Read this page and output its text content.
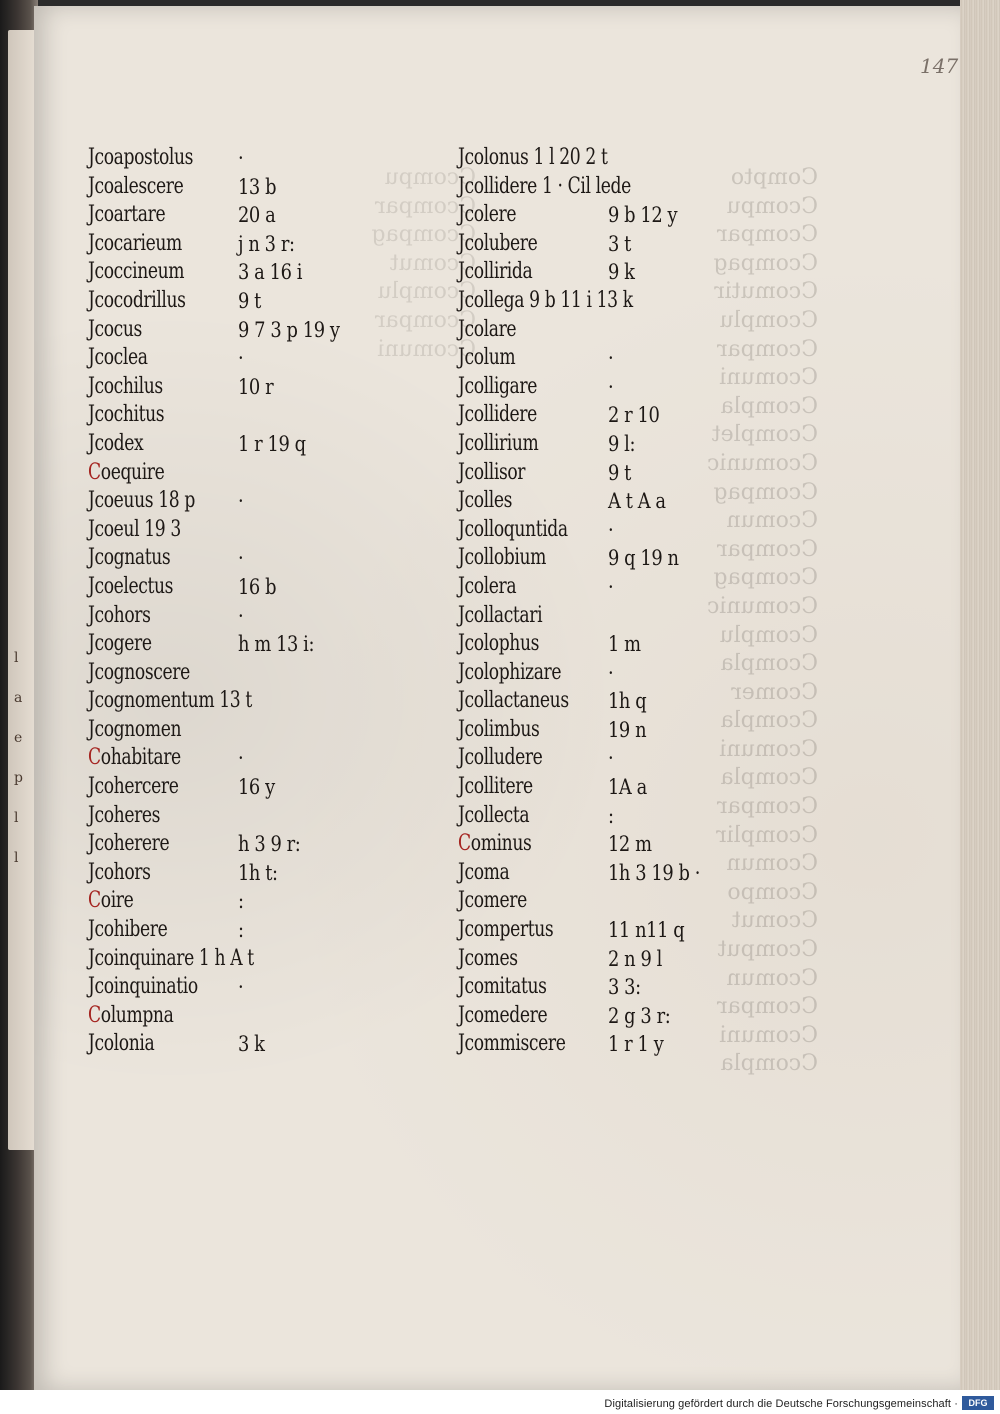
l
a
e
p
l
l
Ccompu
Ccompar
Ccompag
Ccomut
Ccomplu
Ccompar
Ccomuni
Compto
Ccompu
Ccompar
Ccompag
Ccomutir
Ccomplu
Ccompar
Ccomuni
Ccompla
Ccomplet
Ccomunic
Ccompag
Ccomun
Ccompar
Ccompag
Ccomunic
Ccomplu
Ccompla
Ccomer
Ccompla
Ccomuni
Ccompla
Ccompar
Ccomplir
Ccomun
Ccompo
Ccomut
Ccomput
Ccomun
Ccompar
Ccomuni
Ccompla
147
Jcoapostolus ·
Jcoalescere	13 b
Jcoartare	20 a
Jcocarieum	j n 3 r:
Jcoccineum	3 a 16 i
Jcocodrillus 9 t
Jcocus	9 7 3 p 19 y
Jcoclea	·
Jcochilus	10 r
Jcochitus
Jcodex	1 r 19 q
Coequire
Jcoeuus 18 p ·
Jcoeul 19 3
Jcognatus	·
Jcoelectus	16 b
Jcohors	·
Jcogere	h m 13 i:
Jcognoscere
Jcognomentum 13 t
Jcognomen
Cohabitare	·
Jcohercere	16 y
Jcoheres
Jcoherere	h 3 9 r:
Jcohors	1h t:
Coire	:
Jcohibere	:
Jcoinquinare 1 h A t
Jcoinquinatio ·
Columpna
Jcolonia	3 k
Jcolonus 1 l 20 2 t
Jcollidere 1 · Cil lede
Jcolere	9 b 12 y
Jcolubere	3 t
Jcollirida	9 k
Jcollega 9 b 11 i 13 k
Jcolare
Jcolum	·
Jcolligare	·
Jcollidere	2 r 10
Jcollirium	9 l:
Jcollisor	9 t
Jcolles	A t A a
Jcolloquntida ·
Jcollobium	9 q 19 n
Jcolera	·
Jcollactari
Jcolophus	1 m
Jcolophizare ·
Jcollactaneus 1h q
Jcolimbus	19 n
Jcolludere	·
Jcollitere	1A a
Jcollecta	:
Cominus	12 m
Jcoma	1h 3 19 b ·
Jcomere
Jcompertus	11 n11 q
Jcomes	2 n 9 l
Jcomitatus	3 3:
Jcomedere	2 g 3 r:
Jcommiscere 1 r 1 y
Digitalisierung gefördert durch die Deutsche Forschungsgemeinschaft ·	DFG
